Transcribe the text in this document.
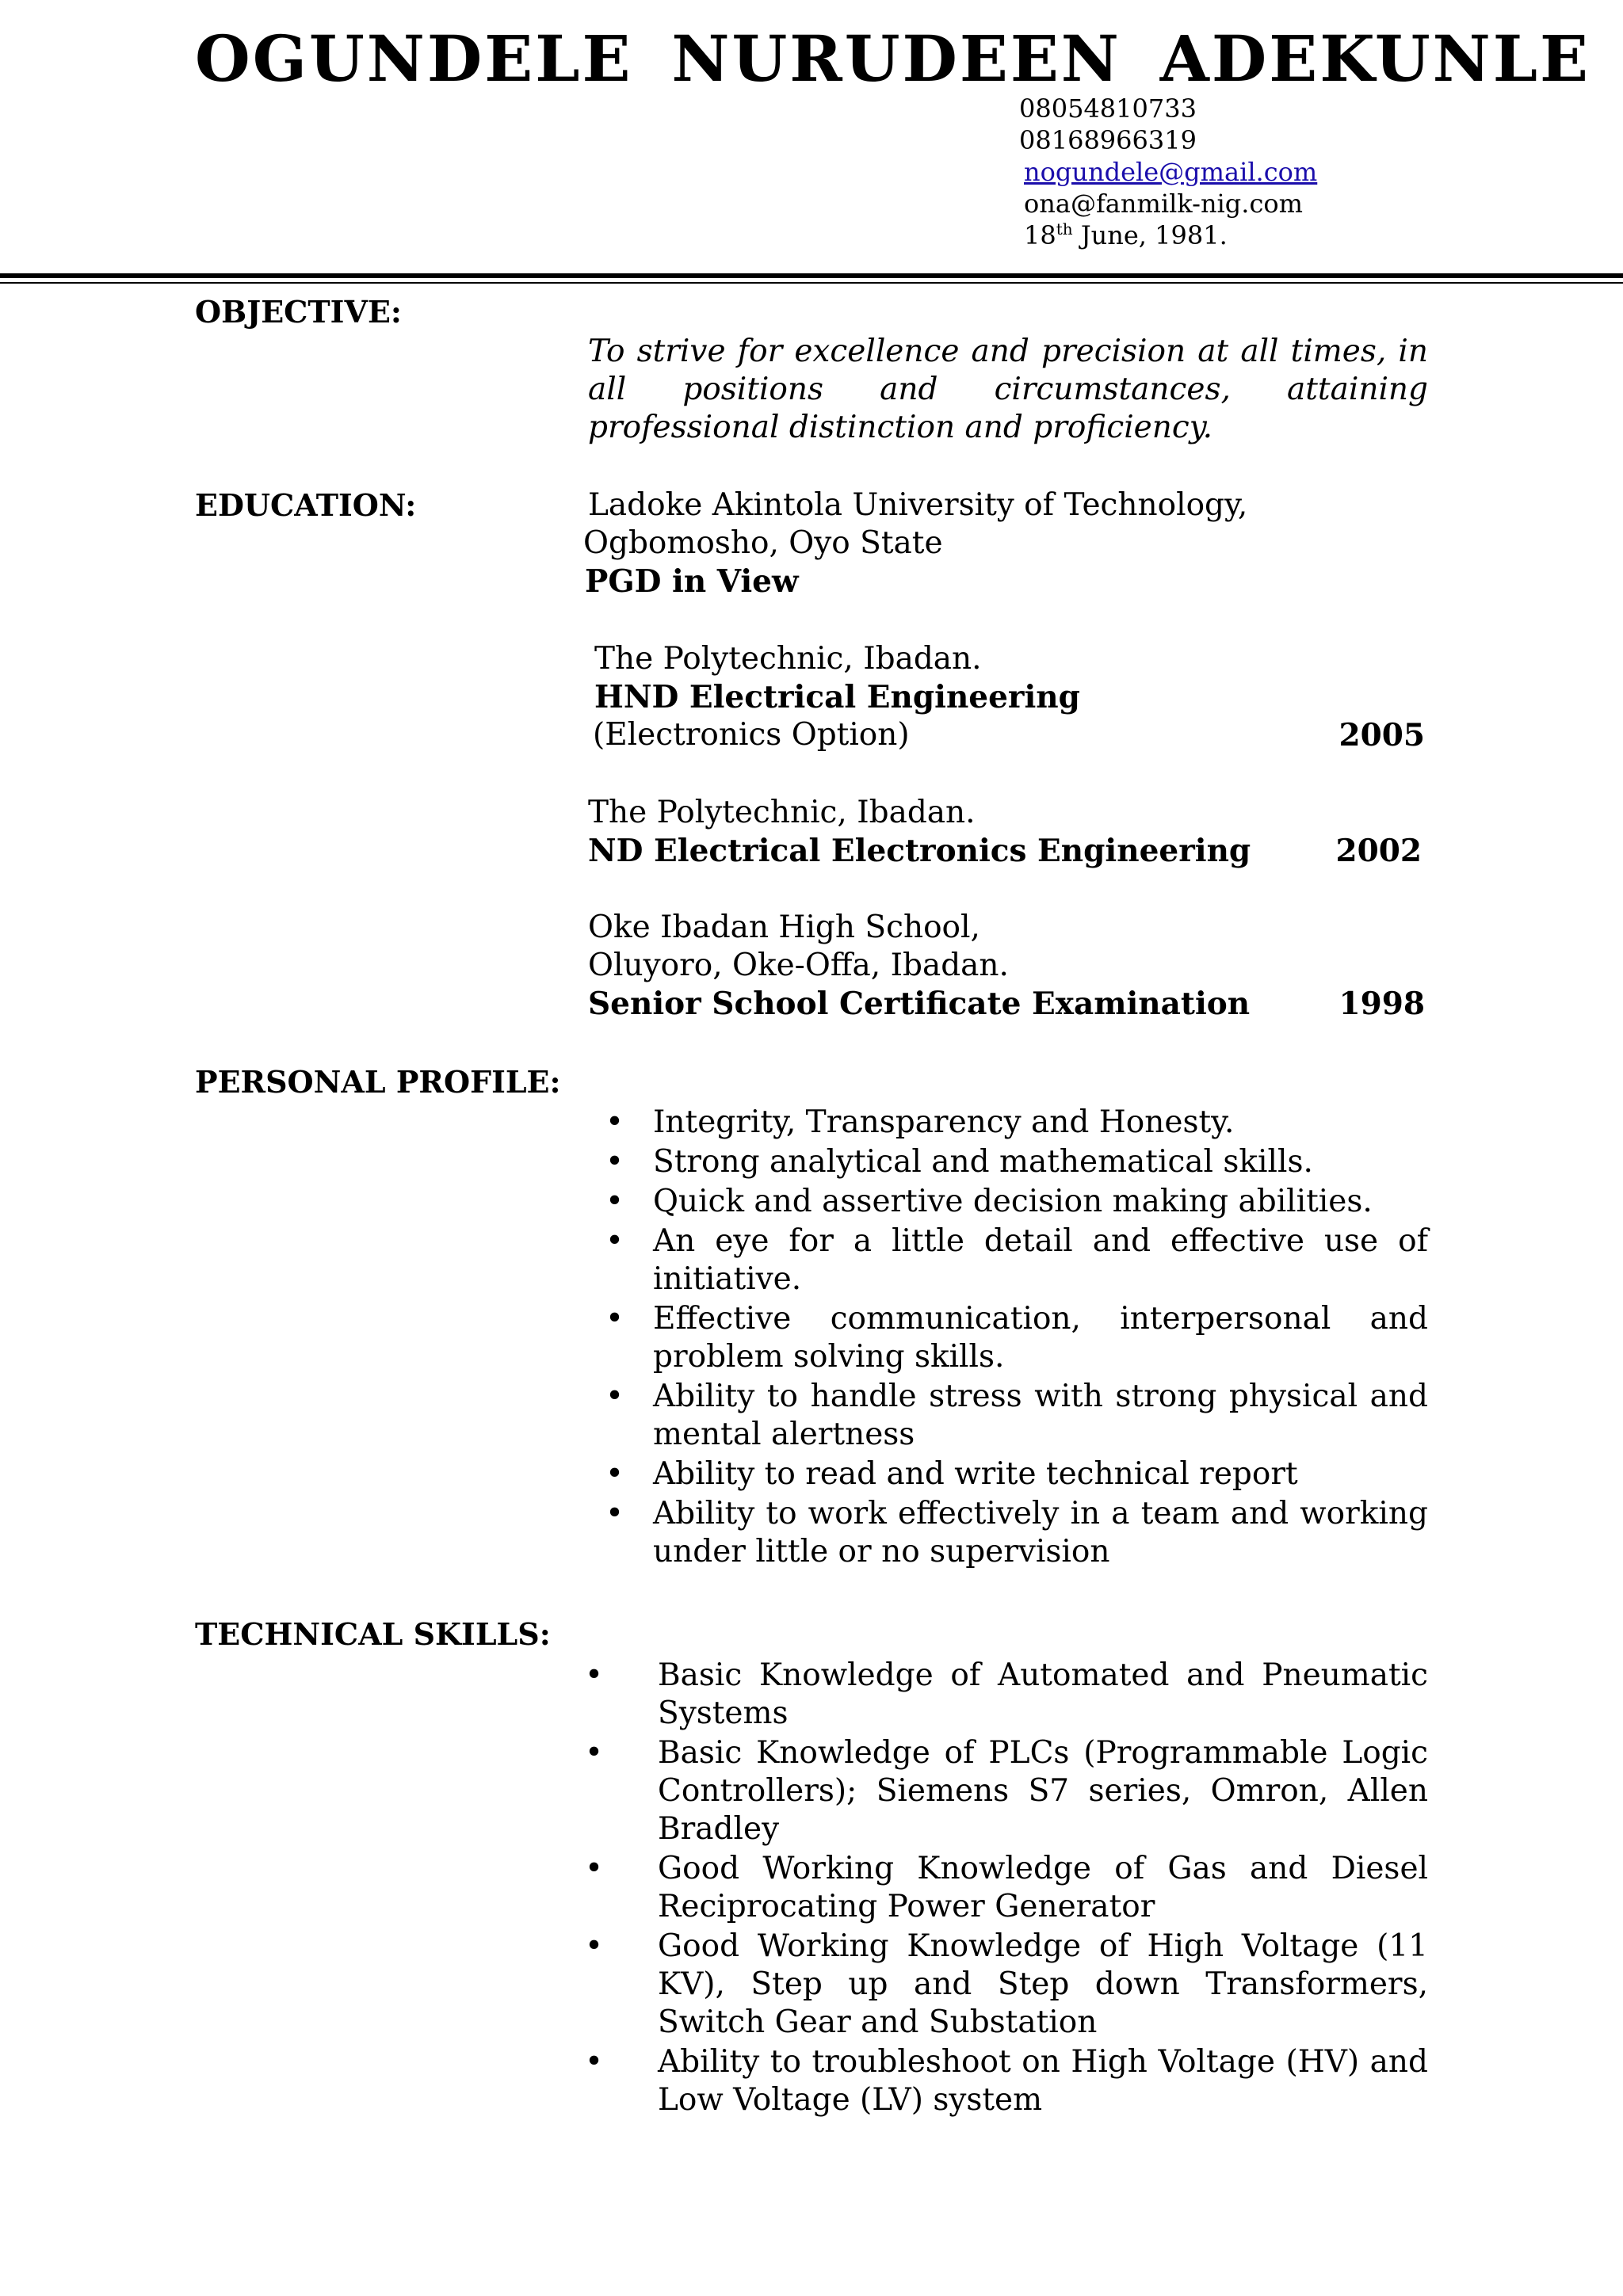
OGUNDELE NURUDEEN ADEKUNLE
08054810733
08168966319
nogundele@gmail.com
ona@fanmilk-nig.com
18th June, 1981.
OBJECTIVE:

To strive for excellence and precision at all times, in all positions and circumstances, attaining professional distinction and proficiency.

EDUCATION:	Ladoke Akintola University of Technology,
Ogbomosho, Oyo State
PGD in View
The Polytechnic, Ibadan.
HND Electrical Engineering
(Electronics Option)	2005
The Polytechnic, Ibadan.
ND Electrical Electronics Engineering	2002
Oke Ibadan High School,
Oluyoro, Oke-Offa, Ibadan.
Senior School Certificate Examination	1998
PERSONAL PROFILE:
• Integrity, Transparency and Honesty.
• Strong analytical and mathematical skills.
• Quick and assertive decision making abilities.
• An eye for a little detail and effective use of initiative.
• Effective communication, interpersonal and problem solving skills.
• Ability to handle stress with strong physical and mental alertness
• Ability to read and write technical report
• Ability to work effectively in a team and working under little or no supervision
TECHNICAL SKILLS:
• Basic Knowledge of Automated and Pneumatic Systems
• Basic Knowledge of PLCs (Programmable Logic Controllers); Siemens S7 series, Omron, Allen Bradley
• Good Working Knowledge of Gas and Diesel Reciprocating Power Generator
• Good Working Knowledge of High Voltage (11 KV), Step up and Step down Transformers, Switch Gear and Substation
• Ability to troubleshoot on High Voltage (HV) and Low Voltage (LV) system
